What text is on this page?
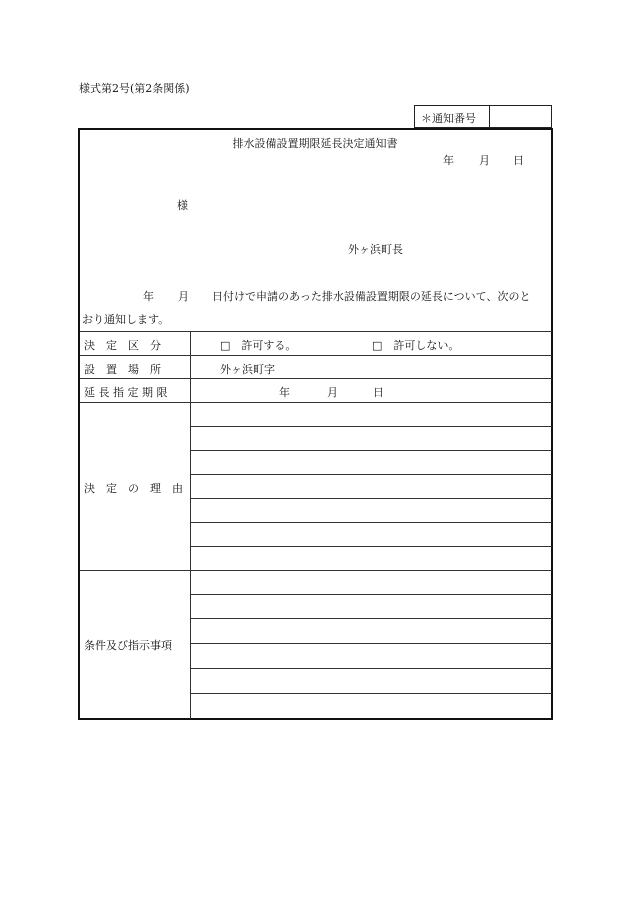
様式第2号(第2条関係)
＊通知番号
排水設備設置期限延長決定通知書
年 月 日
様
外ヶ浜町長
年 月 日付けで申請のあった排水設備設置期限の延長について、次のと
おり通知します。
決　定　区　分	□　許可する。	□　許可しない。
設　置　場　所	外ヶ浜町字
延 長 指 定 期 限	年	月	日
決　定　の　理　由
条件及び指示事項
